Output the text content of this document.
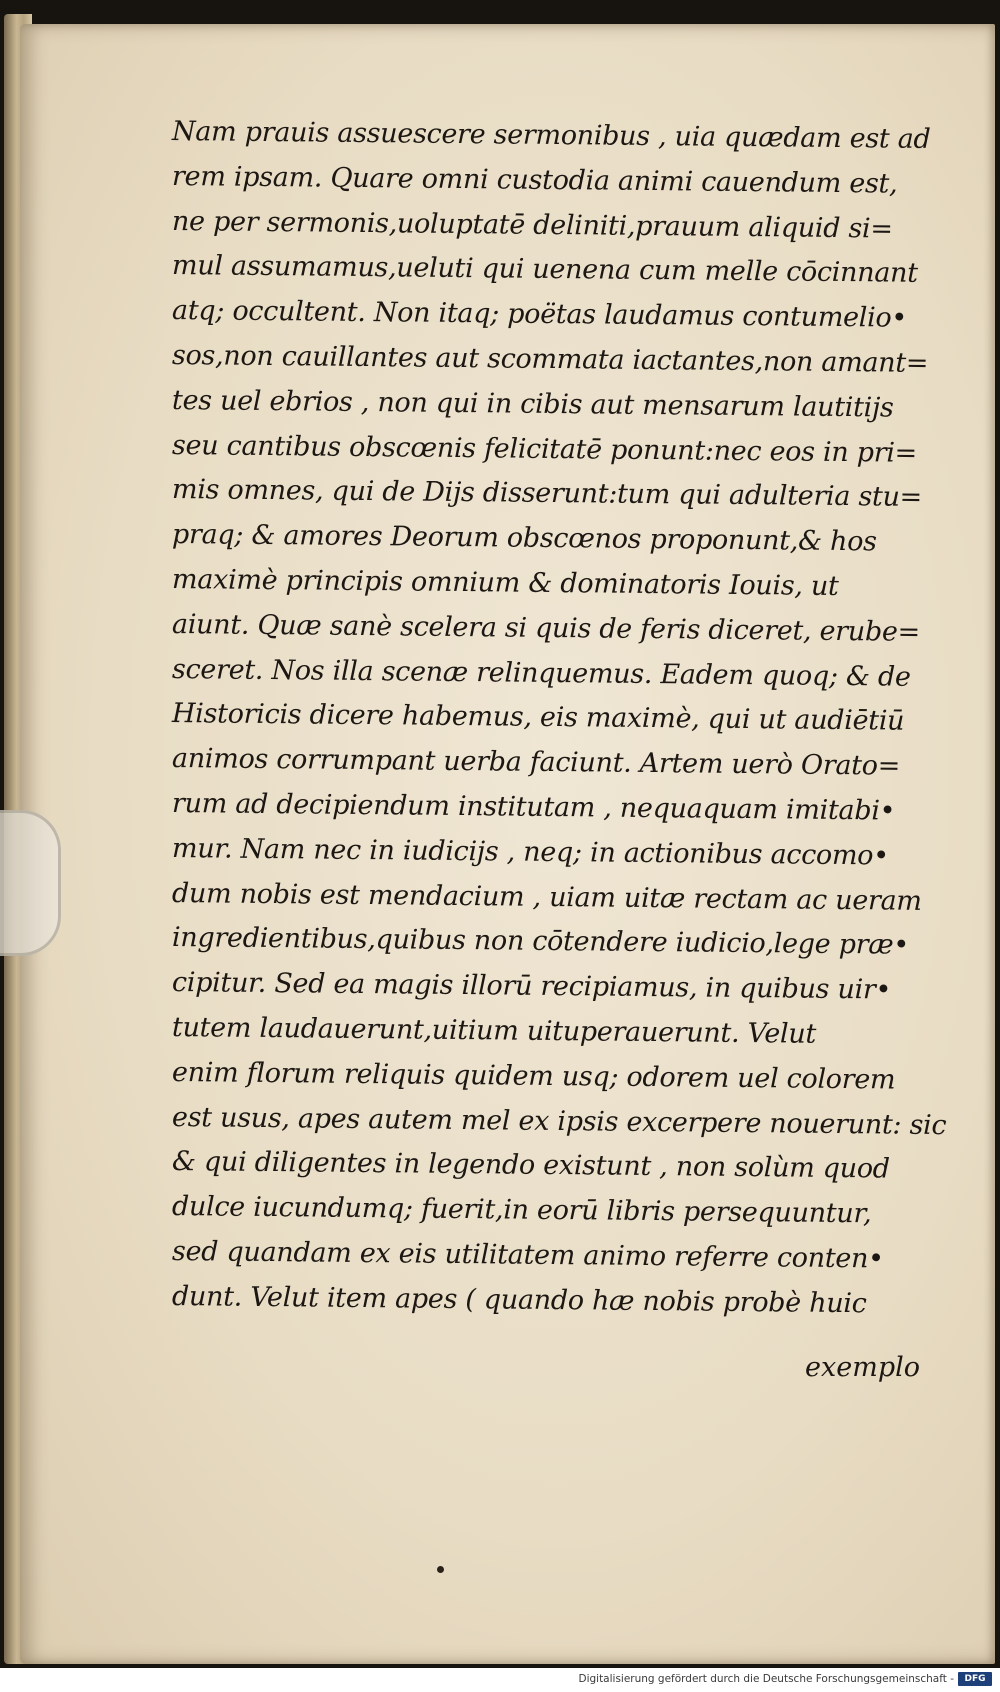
Nam prauis assuescere sermonibus , uia quædam est ad
rem ipsam. Quare omni custodia animi cauendum est,
ne per sermonis,uoluptatē deliniti,prauum aliquid si=
mul assumamus,ueluti qui uenena cum melle cōcinnant
atq; occultent. Non itaq; poëtas laudamus contumelio•
sos,non cauillantes aut scommata iactantes,non amant=
tes uel ebrios , non qui in cibis aut mensarum lautitijs
seu cantibus obscœnis felicitatē ponunt:nec eos in pri=
mis omnes, qui de Dijs disserunt:tum qui adulteria stu=
praq; & amores Deorum obscœnos proponunt,& hos
maximè principis omnium & dominatoris Iouis, ut
aiunt. Quæ sanè scelera si quis de feris diceret, erube=
sceret. Nos illa scenæ relinquemus. Eadem quoq; & de
Historicis dicere habemus, eis maximè, qui ut audiētiū
animos corrumpant uerba faciunt. Artem uerò Orato=
rum ad decipiendum institutam , nequaquam imitabi•
mur. Nam nec in iudicijs , neq; in actionibus accomo•
dum nobis est mendacium , uiam uitæ rectam ac ueram
ingredientibus,quibus non cōtendere iudicio,lege præ•
cipitur. Sed ea magis illorū recipiamus, in quibus uir•
tutem laudauerunt,uitium uituperauerunt. Velut
enim florum reliquis quidem usq; odorem uel colorem
est usus, apes autem mel ex ipsis excerpere nouerunt: sic
& qui diligentes in legendo existunt , non solùm quod
dulce iucundumq; fuerit,in eorū libris persequuntur,
sed quandam ex eis utilitatem animo referre conten•
dunt. Velut item apes ( quando hæ nobis probè huic
exemplo
Digitalisierung gefördert durch die Deutsche Forschungsgemeinschaft -	DFG
